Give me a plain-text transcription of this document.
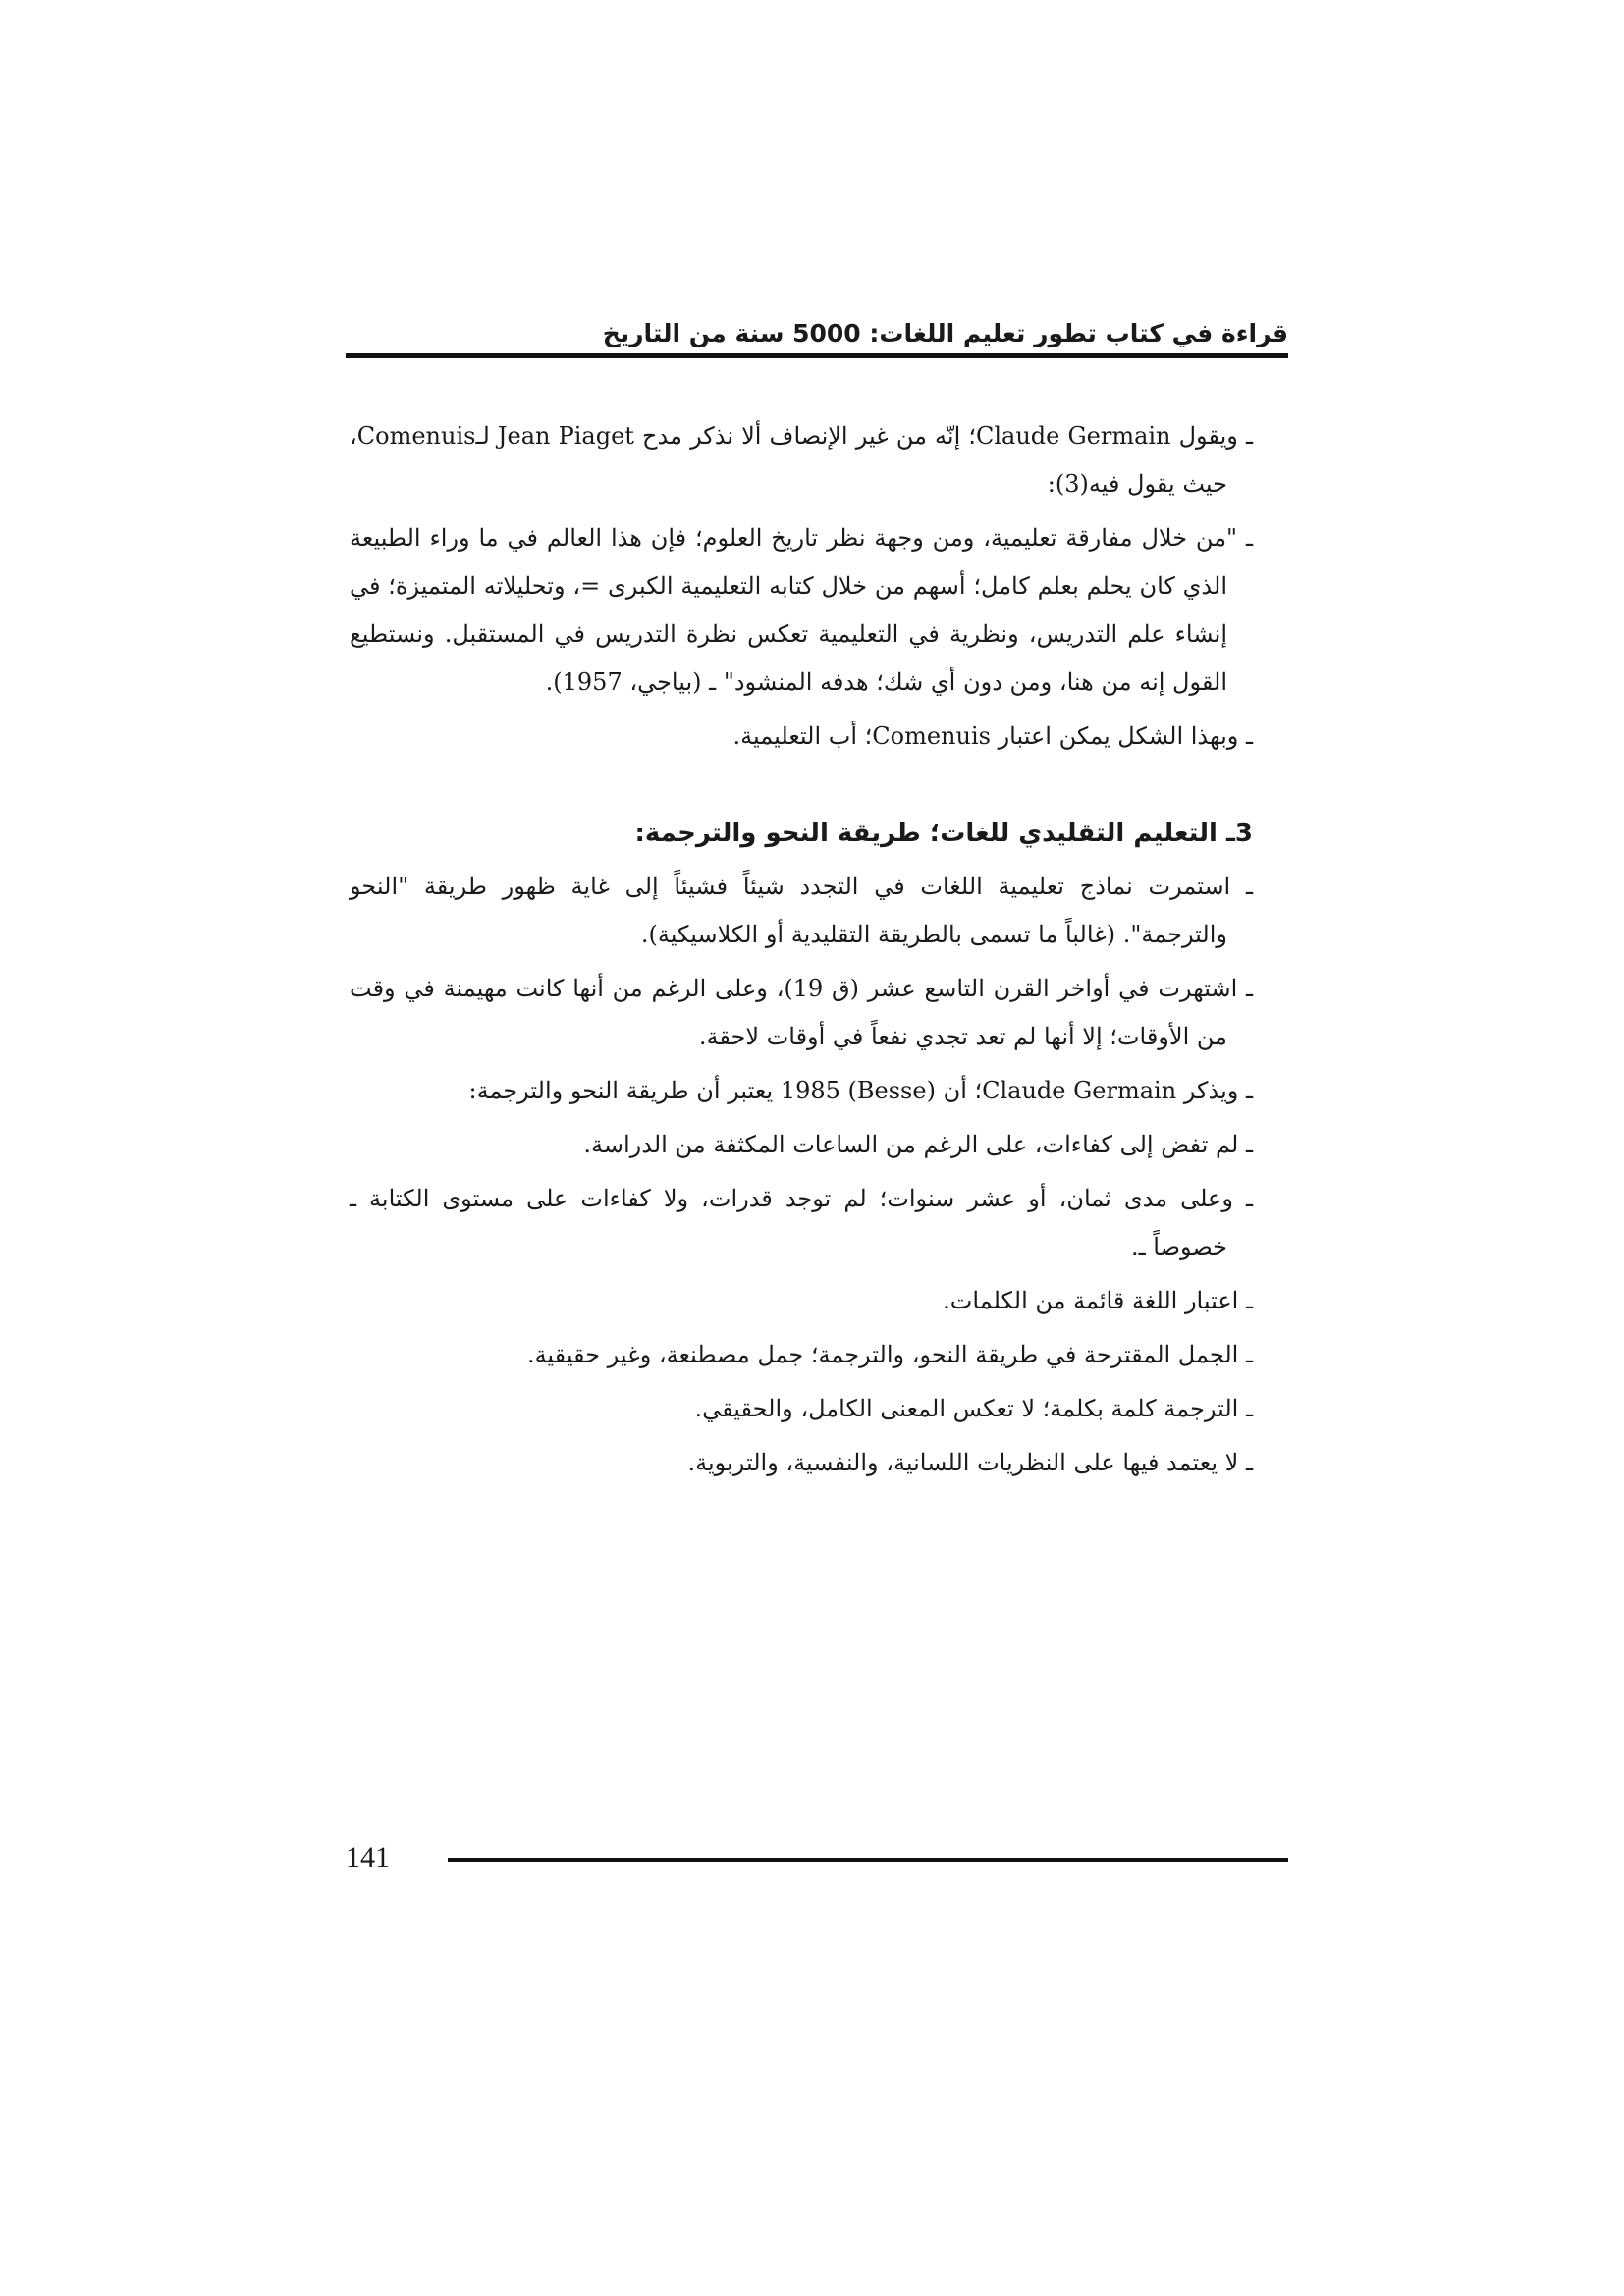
قراءة في كتاب تطور تعليم اللغات: 5000 سنة من التاريخ

ـ ويقول Claude Germain؛ إنّه من غير الإنصاف ألا نذكر مدح Jean Piaget لـComenuis، حيث يقول فيه(3):

ـ "من خلال مفارقة تعليمية، ومن وجهة نظر تاريخ العلوم؛ فإن هذا العالم في ما وراء الطبيعة الذي كان يحلم بعلم كامل؛ أسهم من خلال كتابه التعليمية الكبرى =، وتحليلاته المتميزة؛ في إنشاء علم التدريس، ونظرية في التعليمية تعكس نظرة التدريس في المستقبل. ونستطيع القول إنه من هنا، ومن دون أي شك؛ هدفه المنشود" ـ (بياجي، 1957).

ـ وبهذا الشكل يمكن اعتبار Comenuis؛ أب التعليمية.

3ـ التعليم التقليدي للغات؛ طريقة النحو والترجمة:

ـ استمرت نماذج تعليمية اللغات في التجدد شيئاً فشيئاً إلى غاية ظهور طريقة "النحو والترجمة". (غالباً ما تسمى بالطريقة التقليدية أو الكلاسيكية).

ـ اشتهرت في أواخر القرن التاسع عشر (ق 19)، وعلى الرغم من أنها كانت مهيمنة في وقت من الأوقات؛ إلا أنها لم تعد تجدي نفعاً في أوقات لاحقة.

ـ ويذكر Claude Germain؛ أن (Besse) 1985 يعتبر أن طريقة النحو والترجمة:

ـ لم تفض إلى كفاءات، على الرغم من الساعات المكثفة من الدراسة.

ـ وعلى مدى ثمان، أو عشر سنوات؛ لم توجد قدرات، ولا كفاءات على مستوى الكتابة ـ خصوصاً ـ.

ـ اعتبار اللغة قائمة من الكلمات.

ـ الجمل المقترحة في طريقة النحو، والترجمة؛ جمل مصطنعة، وغير حقيقية.

ـ الترجمة كلمة بكلمة؛ لا تعكس المعنى الكامل، والحقيقي.

ـ لا يعتمد فيها على النظريات اللسانية، والنفسية، والتربوية.

141
